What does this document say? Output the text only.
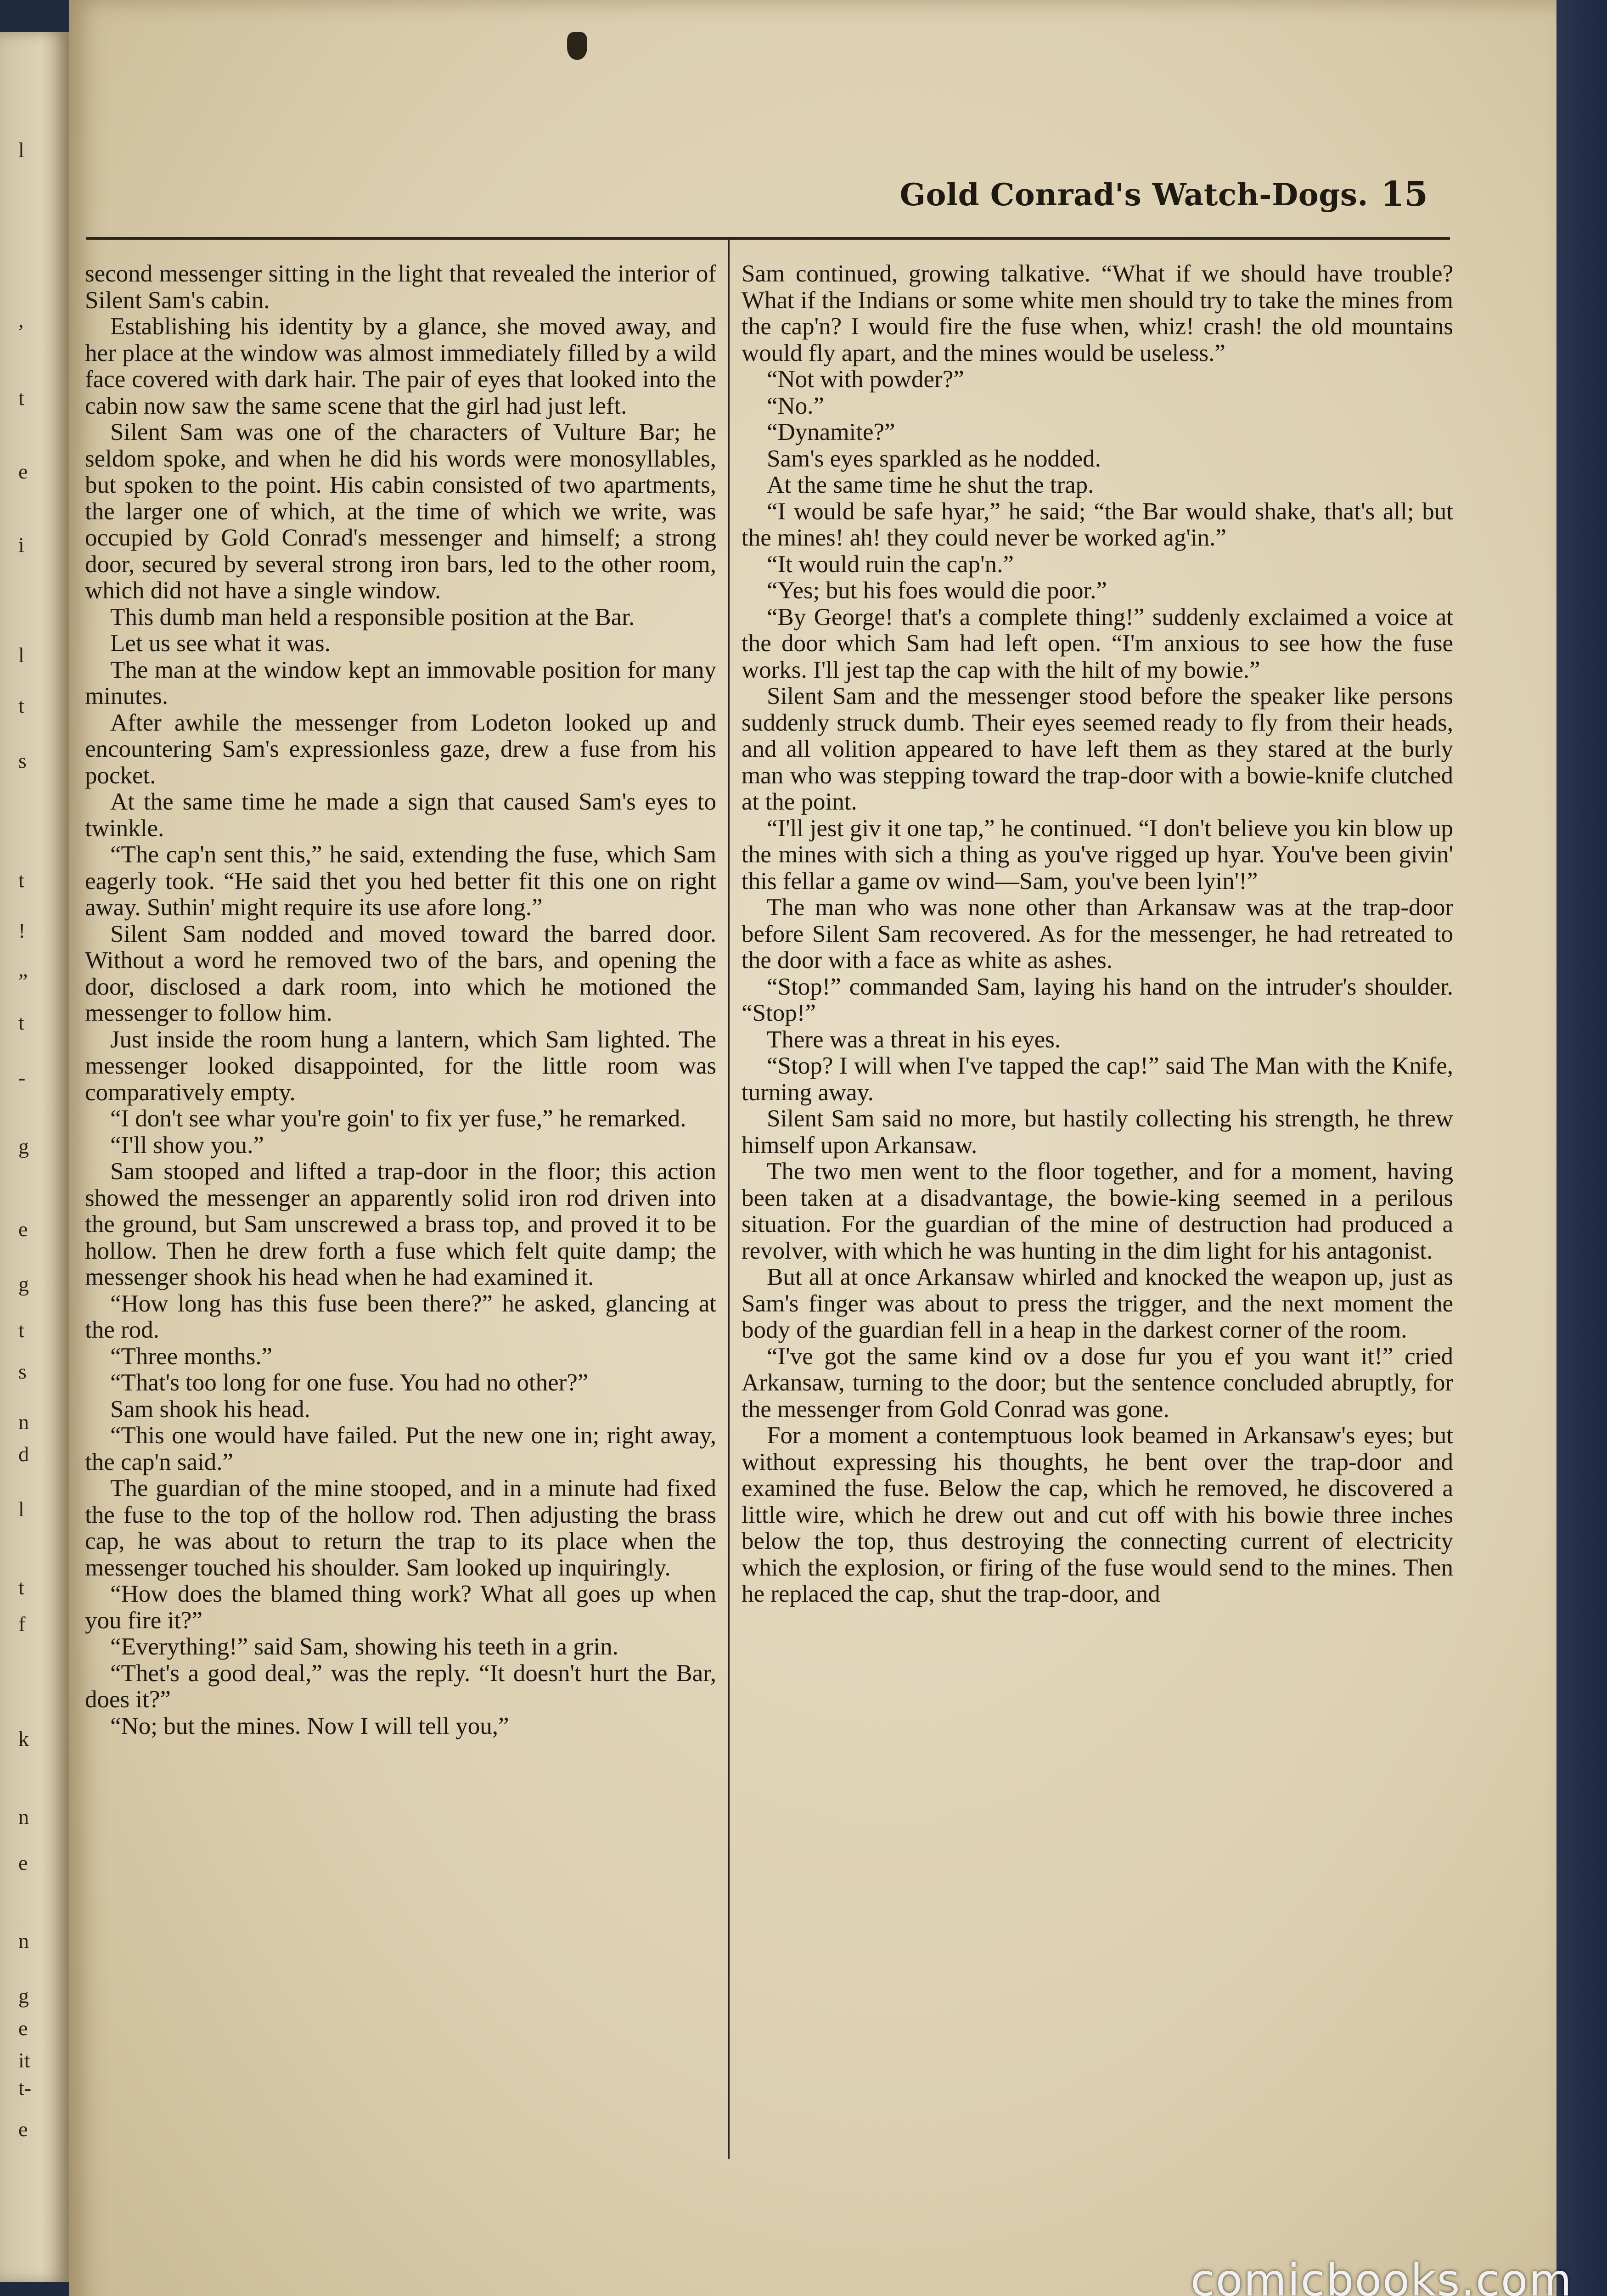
l
,
t
e
i
l
t
s
t
!
”
t
-
g
e
g
t
s
n
d
l
t
f
k
n
e
n
g
e
it
t-
e
Gold Conrad's Watch-Dogs. 15

second messenger sitting in the light that revealed the interior of Silent Sam's cabin.

Establishing his identity by a glance, she moved away, and her place at the window was almost immediately filled by a wild face covered with dark hair. The pair of eyes that looked into the cabin now saw the same scene that the girl had just left.

Silent Sam was one of the characters of Vulture Bar; he seldom spoke, and when he did his words were monosyllables, but spoken to the point. His cabin consisted of two apartments, the larger one of which, at the time of which we write, was occupied by Gold Conrad's messenger and himself; a strong door, secured by several strong iron bars, led to the other room, which did not have a single window.

This dumb man held a responsible position at the Bar.

Let us see what it was.

The man at the window kept an immovable position for many minutes.

After awhile the messenger from Lodeton looked up and encountering Sam's expressionless gaze, drew a fuse from his pocket.

At the same time he made a sign that caused Sam's eyes to twinkle.

“The cap'n sent this,” he said, extending the fuse, which Sam eagerly took. “He said thet you hed better fit this one on right away. Suthin' might require its use afore long.”

Silent Sam nodded and moved toward the barred door. Without a word he removed two of the bars, and opening the door, disclosed a dark room, into which he motioned the messenger to follow him.

Just inside the room hung a lantern, which Sam lighted. The messenger looked disappointed, for the little room was comparatively empty.

“I don't see whar you're goin' to fix yer fuse,” he remarked.

“I'll show you.”

Sam stooped and lifted a trap-door in the floor; this action showed the messenger an apparently solid iron rod driven into the ground, but Sam unscrewed a brass top, and proved it to be hollow. Then he drew forth a fuse which felt quite damp; the messenger shook his head when he had examined it.

“How long has this fuse been there?” he asked, glancing at the rod.

“Three months.”

“That's too long for one fuse. You had no other?”

Sam shook his head.

“This one would have failed. Put the new one in; right away, the cap'n said.”

The guardian of the mine stooped, and in a minute had fixed the fuse to the top of the hollow rod. Then adjusting the brass cap, he was about to return the trap to its place when the messenger touched his shoulder. Sam looked up inquiringly.

“How does the blamed thing work? What all goes up when you fire it?”

“Everything!” said Sam, showing his teeth in a grin.

“Thet's a good deal,” was the reply. “It doesn't hurt the Bar, does it?”

“No; but the mines. Now I will tell you,”

Sam continued, growing talkative. “What if we should have trouble? What if the Indians or some white men should try to take the mines from the cap'n? I would fire the fuse when, whiz! crash! the old mountains would fly apart, and the mines would be useless.”

“Not with powder?”

“No.”

“Dynamite?”

Sam's eyes sparkled as he nodded.

At the same time he shut the trap.

“I would be safe hyar,” he said; “the Bar would shake, that's all; but the mines! ah! they could never be worked ag'in.”

“It would ruin the cap'n.”

“Yes; but his foes would die poor.”

“By George! that's a complete thing!” suddenly exclaimed a voice at the door which Sam had left open. “I'm anxious to see how the fuse works. I'll jest tap the cap with the hilt of my bowie.”

Silent Sam and the messenger stood before the speaker like persons suddenly struck dumb. Their eyes seemed ready to fly from their heads, and all volition appeared to have left them as they stared at the burly man who was stepping toward the trap-door with a bowie-knife clutched at the point.

“I'll jest giv it one tap,” he continued. “I don't believe you kin blow up the mines with sich a thing as you've rigged up hyar. You've been givin' this fellar a game ov wind—Sam, you've been lyin'!”

The man who was none other than Arkansaw was at the trap-door before Silent Sam recovered. As for the messenger, he had retreated to the door with a face as white as ashes.

“Stop!” commanded Sam, laying his hand on the intruder's shoulder. “Stop!”

There was a threat in his eyes.

“Stop? I will when I've tapped the cap!” said The Man with the Knife, turning away.

Silent Sam said no more, but hastily collecting his strength, he threw himself upon Arkansaw.

The two men went to the floor together, and for a moment, having been taken at a disadvantage, the bowie-king seemed in a perilous situation. For the guardian of the mine of destruction had produced a revolver, with which he was hunting in the dim light for his antagonist.

But all at once Arkansaw whirled and knocked the weapon up, just as Sam's finger was about to press the trigger, and the next moment the body of the guardian fell in a heap in the darkest corner of the room.

“I've got the same kind ov a dose fur you ef you want it!” cried Arkansaw, turning to the door; but the sentence concluded abruptly, for the messenger from Gold Conrad was gone.

For a moment a contemptuous look beamed in Arkansaw's eyes; but without expressing his thoughts, he bent over the trap-door and examined the fuse. Below the cap, which he removed, he discovered a little wire, which he drew out and cut off with his bowie three inches below the top, thus destroying the connecting current of electricity which the explosion, or firing of the fuse would send to the mines. Then he replaced the cap, shut the trap-door, and

comicbooks.com
